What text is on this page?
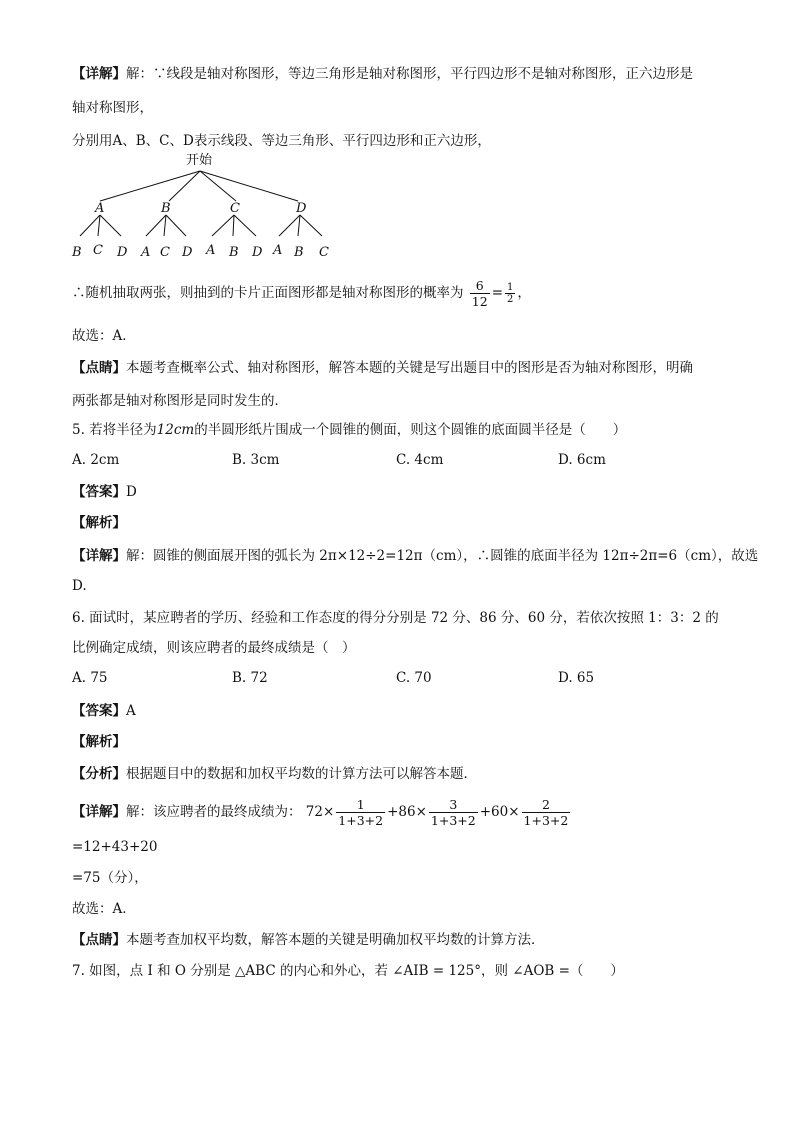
【详解】解：∵线段是轴对称图形，等边三角形是轴对称图形，平行四边形不是轴对称图形，正六边形是
轴对称图形，
分别用A、B、C、D表示线段、等边三角形、平行四边形和正六边形，
开始
A	B	C	D
B C D A C D A B D A B C
∴随机抽取两张，则抽到的卡片正面图形都是轴对称图形的概率为 $\frac{6}{12} = \frac{1}{2}$ ，
故选：A．
【点睛】本题考查概率公式、轴对称图形，解答本题的关键是写出题目中的图形是否为轴对称图形，明确
两张都是轴对称图形是同时发生的．
5. 若将半径为12cm的半圆形纸片围成一个圆锥的侧面，则这个圆锥的底面圆半径是（　　）
A. 2cm	B. 3cm	C. 4cm	D. 6cm
【答案】D
【解析】
【详解】解：圆锥的侧面展开图的弧长为 2π×12÷2=12π（cm），∴圆锥的底面半径为 12π÷2π=6（cm），故选
D.
6. 面试时，某应聘者的学历、经验和工作态度的得分分别是 72 分、86 分、60 分，若依次按照 1：3：2 的
比例确定成绩，则该应聘者的最终成绩是（　）
A. 75	B. 72	C. 70	D. 65
【答案】A
【解析】
【分析】根据题目中的数据和加权平均数的计算方法可以解答本题．
【详解】解：该应聘者的最终成绩为： $72\times \frac{1}{1+3+2} +86\times \frac{3}{1+3+2} +60\times \frac{2}{1+3+2}$
=12+43+20
=75（分），
故选：A．
【点睛】本题考查加权平均数，解答本题的关键是明确加权平均数的计算方法．
7. 如图，点 I 和 O 分别是 △ABC 的内心和外心，若 ∠AIB = 125°，则 ∠AOB =（　　）
